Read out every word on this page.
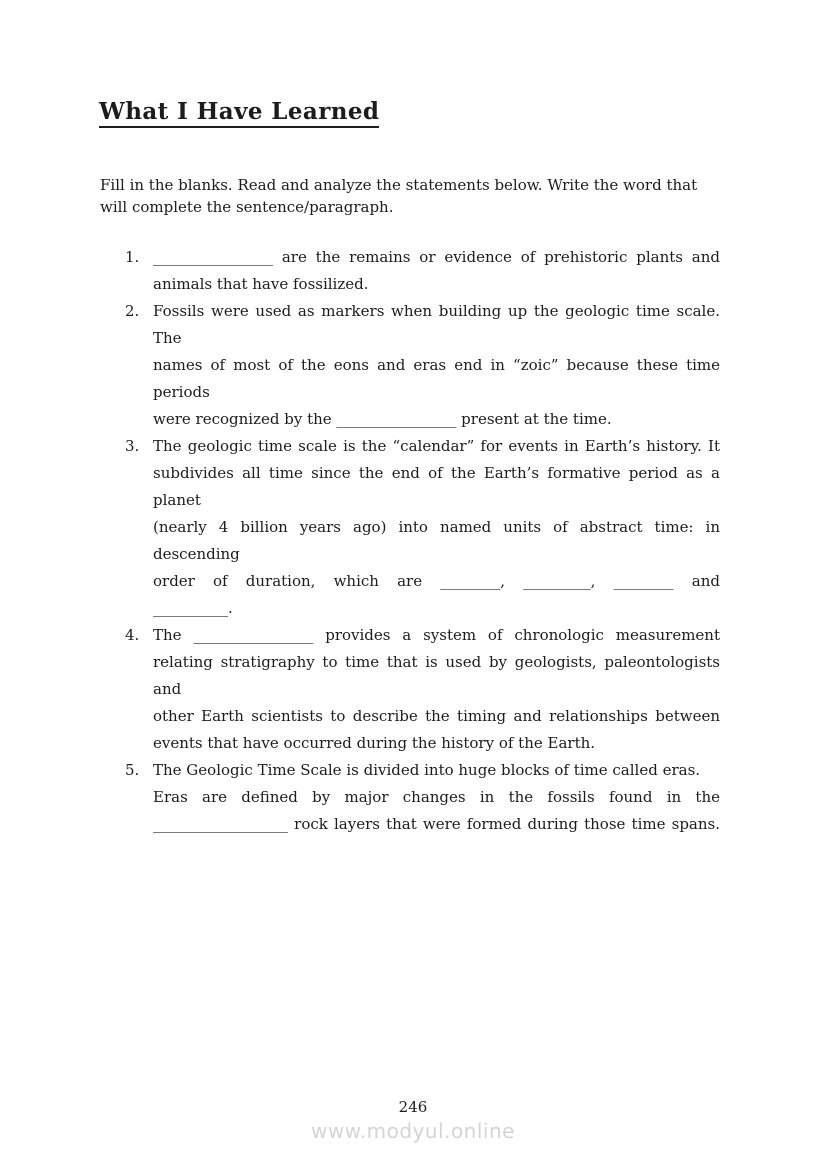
What I Have Learned

Fill in the blanks. Read and analyze the statements below. Write the word that will complete the sentence/paragraph.

1. ________________ are the remains or evidence of prehistoric plants and
animals that have fossilized.
2. Fossils were used as markers when building up the geologic time scale. The
names of most of the eons and eras end in “zoic” because these time periods
were recognized by the ________________ present at the time.
3. The geologic time scale is the “calendar” for events in Earth’s history. It
subdivides all time since the end of the Earth’s formative period as a planet
(nearly 4 billion years ago) into named units of abstract time: in descending
order of duration, which are ________, _________, ________ and
__________.
4. The ________________ provides a system of chronologic measurement
relating stratigraphy to time that is used by geologists, paleontologists and
other Earth scientists to describe the timing and relationships between
events that have occurred during the history of the Earth.
5. The Geologic Time Scale is divided into huge blocks of time called eras.
Eras are defined by major changes in the fossils found in the
__________________ rock layers that were formed during those time spans.
246
www.modyul.online
